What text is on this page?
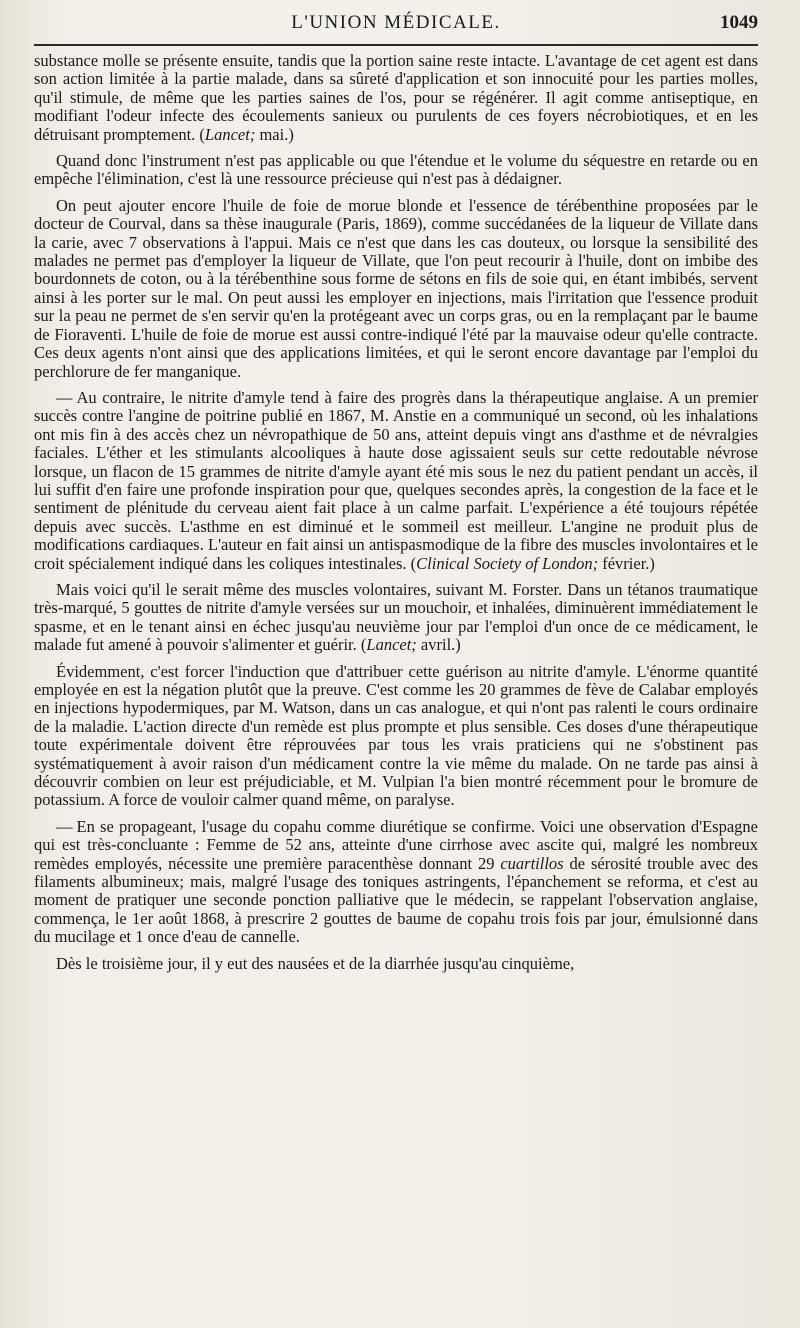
L'UNION MÉDICALE.	1049

substance molle se présente ensuite, tandis que la portion saine reste intacte. L'avantage de cet agent est dans son action limitée à la partie malade, dans sa sûreté d'application et son innocuité pour les parties molles, qu'il stimule, de même que les parties saines de l'os, pour se régénérer. Il agit comme antiseptique, en modifiant l'odeur infecte des écoulements sanieux ou purulents de ces foyers nécrobiotiques, et en les détruisant promptement. (Lancet; mai.)

Quand donc l'instrument n'est pas applicable ou que l'étendue et le volume du séquestre en retarde ou en empêche l'élimination, c'est là une ressource précieuse qui n'est pas à dédaigner.

On peut ajouter encore l'huile de foie de morue blonde et l'essence de térébenthine proposées par le docteur de Courval, dans sa thèse inaugurale (Paris, 1869), comme succédanées de la liqueur de Villate dans la carie, avec 7 observations à l'appui. Mais ce n'est que dans les cas douteux, ou lorsque la sensibilité des malades ne permet pas d'employer la liqueur de Villate, que l'on peut recourir à l'huile, dont on imbibe des bourdonnets de coton, ou à la térébenthine sous forme de sétons en fils de soie qui, en étant imbibés, servent ainsi à les porter sur le mal. On peut aussi les employer en injections, mais l'irritation que l'essence produit sur la peau ne permet de s'en servir qu'en la protégeant avec un corps gras, ou en la remplaçant par le baume de Fioraventi. L'huile de foie de morue est aussi contre-indiqué l'été par la mauvaise odeur qu'elle contracte. Ces deux agents n'ont ainsi que des applications limitées, et qui le seront encore davantage par l'emploi du perchlorure de fer manganique.

— Au contraire, le nitrite d'amyle tend à faire des progrès dans la thérapeutique anglaise. A un premier succès contre l'angine de poitrine publié en 1867, M. Anstie en a communiqué un second, où les inhalations ont mis fin à des accès chez un névropathique de 50 ans, atteint depuis vingt ans d'asthme et de névralgies faciales. L'éther et les stimulants alcooliques à haute dose agissaient seuls sur cette redoutable névrose lorsque, un flacon de 15 grammes de nitrite d'amyle ayant été mis sous le nez du patient pendant un accès, il lui suffit d'en faire une profonde inspiration pour que, quelques secondes après, la congestion de la face et le sentiment de plénitude du cerveau aient fait place à un calme parfait. L'expérience a été toujours répétée depuis avec succès. L'asthme en est diminué et le sommeil est meilleur. L'angine ne produit plus de modifications cardiaques. L'auteur en fait ainsi un antispasmodique de la fibre des muscles involontaires et le croit spécialement indiqué dans les coliques intestinales. (Clinical Society of London; février.)

Mais voici qu'il le serait même des muscles volontaires, suivant M. Forster. Dans un tétanos traumatique très-marqué, 5 gouttes de nitrite d'amyle versées sur un mouchoir, et inhalées, diminuèrent immédiatement le spasme, et en le tenant ainsi en échec jusqu'au neuvième jour par l'emploi d'un once de ce médicament, le malade fut amené à pouvoir s'alimenter et guérir. (Lancet; avril.)

Évidemment, c'est forcer l'induction que d'attribuer cette guérison au nitrite d'amyle. L'énorme quantité employée en est la négation plutôt que la preuve. C'est comme les 20 grammes de fève de Calabar employés en injections hypodermiques, par M. Watson, dans un cas analogue, et qui n'ont pas ralenti le cours ordinaire de la maladie. L'action directe d'un remède est plus prompte et plus sensible. Ces doses d'une thérapeutique toute expérimentale doivent être réprouvées par tous les vrais praticiens qui ne s'obstinent pas systématiquement à avoir raison d'un médicament contre la vie même du malade. On ne tarde pas ainsi à découvrir combien on leur est préjudiciable, et M. Vulpian l'a bien montré récemment pour le bromure de potassium. A force de vouloir calmer quand même, on paralyse.

— En se propageant, l'usage du copahu comme diurétique se confirme. Voici une observation d'Espagne qui est très-concluante : Femme de 52 ans, atteinte d'une cirrhose avec ascite qui, malgré les nombreux remèdes employés, nécessite une première paracenthèse donnant 29 cuartillos de sérosité trouble avec des filaments albumineux; mais, malgré l'usage des toniques astringents, l'épanchement se reforma, et c'est au moment de pratiquer une seconde ponction palliative que le médecin, se rappelant l'observation anglaise, commença, le 1er août 1868, à prescrire 2 gouttes de baume de copahu trois fois par jour, émulsionné dans du mucilage et 1 once d'eau de cannelle.

Dès le troisième jour, il y eut des nausées et de la diarrhée jusqu'au cinquième,
